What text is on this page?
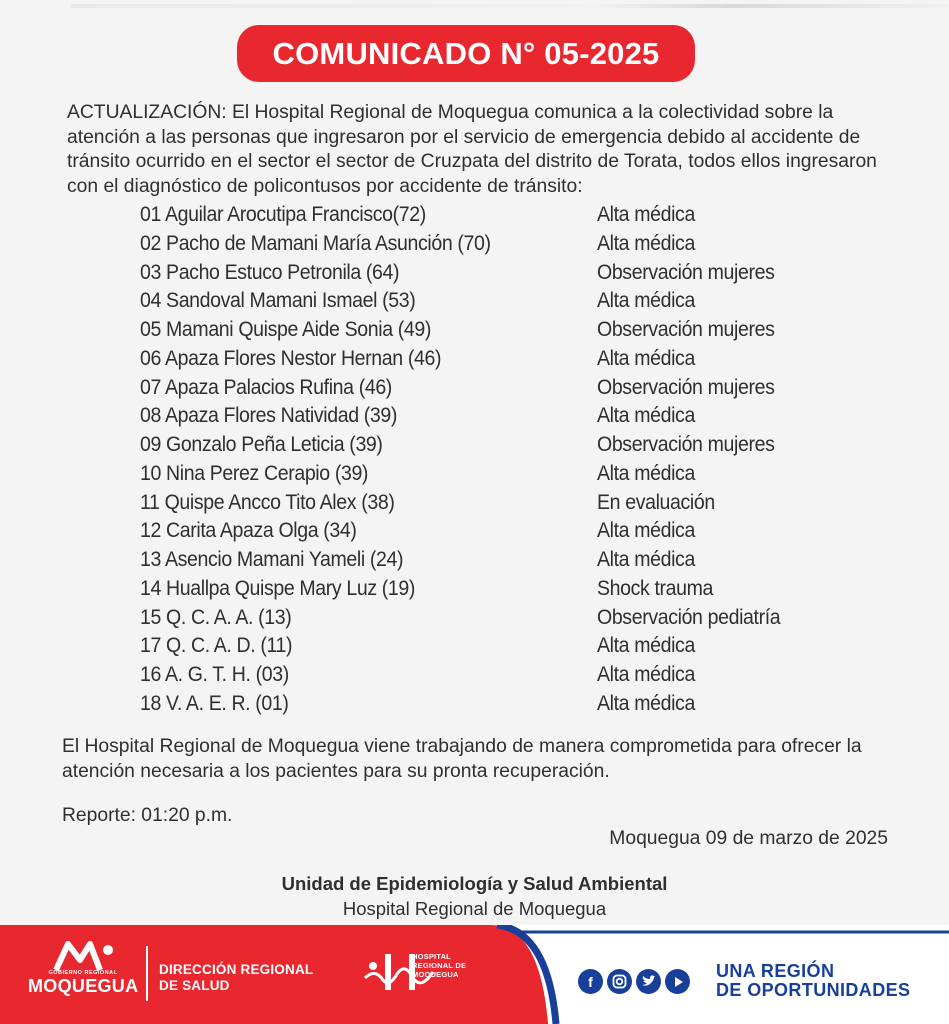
COMUNICADO N° 05-2025
ACTUALIZACIÓN: El Hospital Regional de Moquegua comunica a la colectividad sobre la atención a las personas que ingresaron por el servicio de emergencia debido al accidente de tránsito ocurrido en el sector el sector de Cruzpata del distrito de Torata, todos ellos ingresaron con el diagnóstico de policontusos por accidente de tránsito:
01 Aguilar Arocutipa Francisco(72)	Alta médica
02 Pacho de Mamani María Asunción (70)	Alta médica
03 Pacho Estuco Petronila (64)	Observación mujeres
04 Sandoval Mamani Ismael (53)	Alta médica
05 Mamani Quispe Aide Sonia (49)	Observación mujeres
06 Apaza Flores Nestor Hernan (46)	Alta médica
07 Apaza Palacios Rufina (46)	Observación mujeres
08 Apaza Flores Natividad (39)	Alta médica
09 Gonzalo Peña Leticia (39)	Observación mujeres
10 Nina Perez Cerapio (39)	Alta médica
11 Quispe Ancco Tito Alex (38)	En evaluación
12 Carita Apaza Olga (34)	Alta médica
13 Asencio Mamani Yameli (24)	Alta médica
14 Huallpa Quispe Mary Luz (19)	Shock trauma
15 Q. C. A. A. (13)	Observación pediatría
17 Q. C. A. D. (11)	Alta médica
16 A. G. T. H. (03)	Alta médica
18 V. A. E. R. (01)	Alta médica
El Hospital Regional de Moquegua viene trabajando de manera comprometida para ofrecer la atención necesaria a los pacientes para su pronta recuperación.
Reporte: 01:20 p.m.
Moquegua 09 de marzo de 2025
Unidad de Epidemiología y Salud Ambiental
Hospital Regional de Moquegua
GOBIERNO REGIONAL
MOQUEGUA
DIRECCIÓN REGIONAL
DE SALUD
HOSPITAL
REGIONAL DE
MOQUEGUA	f
UNA REGIÓN
DE OPORTUNIDADES
